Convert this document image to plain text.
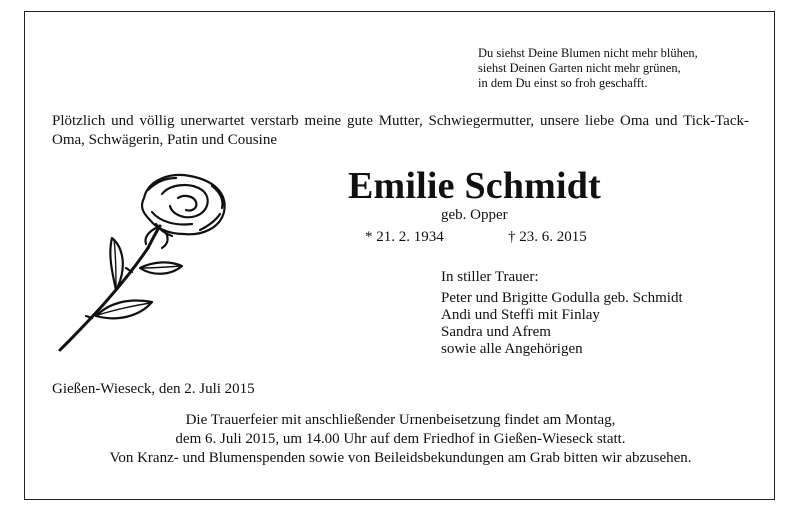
Du siehst Deine Blumen nicht mehr blühen,
siehst Deinen Garten nicht mehr grünen,
in dem Du einst so froh geschafft.
Plötzlich und völlig unerwartet verstarb meine gute Mutter, Schwiegermutter, unsere liebe Oma und Tick-Tack-Oma, Schwägerin, Patin und Cousine
Emilie Schmidt
geb. Opper
* 21. 2. 1934	† 23. 6. 2015
In stiller Trauer:
Peter und Brigitte Godulla geb. Schmidt
Andi und Steffi mit Finlay
Sandra und Afrem
sowie alle Angehörigen
Gießen-Wieseck, den 2. Juli 2015
Die Trauerfeier mit anschließender Urnenbeisetzung findet am Montag,
dem 6. Juli 2015, um 14.00 Uhr auf dem Friedhof in Gießen-Wieseck statt.
Von Kranz- und Blumenspenden sowie von Beileidsbekundungen am Grab bitten wir abzusehen.
